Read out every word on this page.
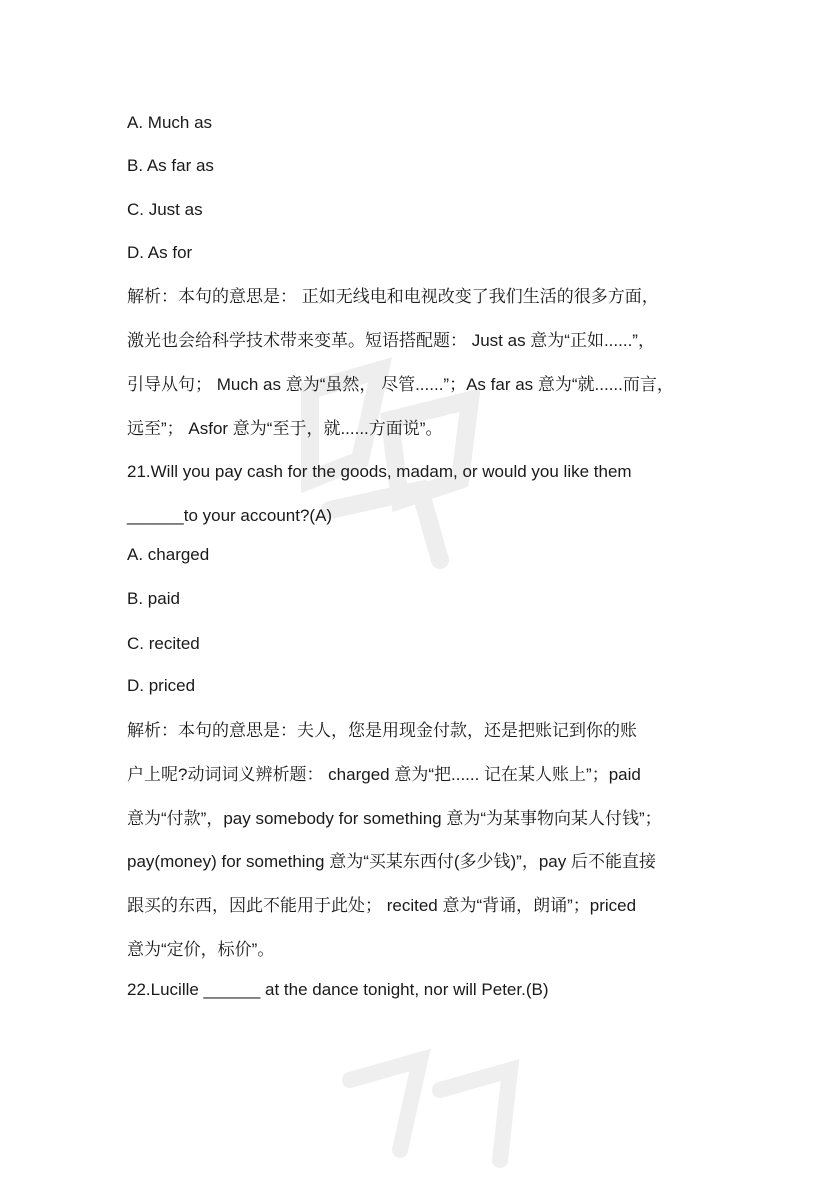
A. Much as
B. As far as
C. Just as
D. As for
解析：本句的意思是： 正如无线电和电视改变了我们生活的很多方面，
激光也会给科学技术带来变革。短语搭配题： Just as 意为“正如......”，
引导从句； Much as 意为“虽然， 尽管......”；As far as 意为“就......而言，
远至”； Asfor 意为“至于，就......方面说”。
21.Will you pay cash for the goods, madam, or would you like them
______to your account?(A)
A. charged
B. paid
C. recited
D. priced
解析：本句的意思是：夫人，您是用现金付款，还是把账记到你的账
户上呢?动词词义辨析题： charged 意为“把...... 记在某人账上”；paid
意为“付款”，pay somebody for something 意为“为某事物向某人付钱”；
pay(money) for something 意为“买某东西付(多少钱)”，pay 后不能直接
跟买的东西，因此不能用于此处； recited 意为“背诵，朗诵”；priced
意为“定价，标价”。
22.Lucille ______ at the dance tonight, nor will Peter.(B)
